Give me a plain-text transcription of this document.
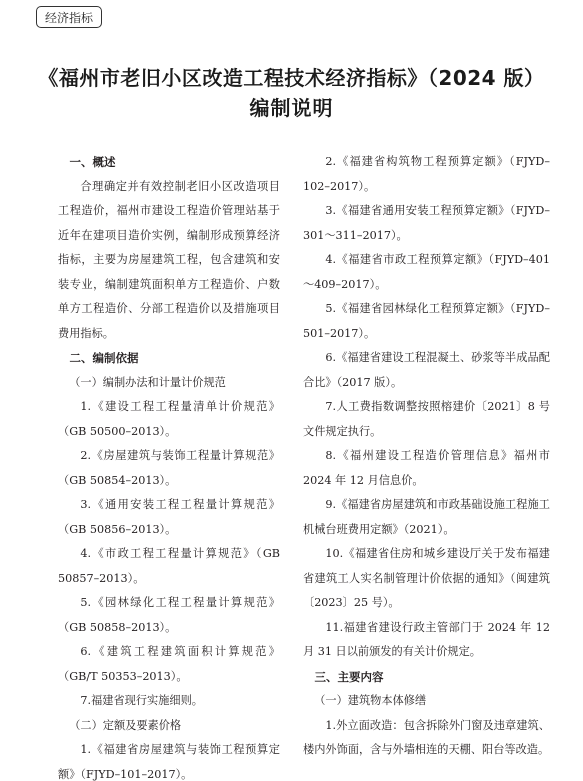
经济指标
《福州市老旧小区改造工程技术经济指标》（2024 版）
编制说明
一、概述
合理确定并有效控制老旧小区改造项目工程造价，福州市建设工程造价管理站基于近年在建项目造价实例，编制形成预算经济指标，主要为房屋建筑工程，包含建筑和安装专业，编制建筑面积单方工程造价、户数单方工程造价、分部工程造价以及措施项目费用指标。
二、编制依据
（一）编制办法和计量计价规范
1.《建设工程工程量清单计价规范》（GB 50500–2013）。
2.《房屋建筑与装饰工程量计算规范》（GB 50854–2013）。
3.《通用安装工程工程量计算规范》（GB 50856–2013）。
4.《市政工程工程量计算规范》（GB 50857–2013）。
5.《园林绿化工程工程量计算规范》（GB 50858–2013）。
6.《建筑工程建筑面积计算规范》（GB/T 50353–2013）。
7.福建省现行实施细则。
（二）定额及要素价格
1.《福建省房屋建筑与装饰工程预算定额》（FJYD–101–2017）。
2.《福建省构筑物工程预算定额》（FJYD–102–2017）。
3.《福建省通用安装工程预算定额》（FJYD–301～311–2017）。
4.《福建省市政工程预算定额》（FJYD–401～409–2017）。
5.《福建省园林绿化工程预算定额》（FJYD–501–2017）。
6.《福建省建设工程混凝土、砂浆等半成品配合比》（2017 版）。
7.人工费指数调整按照榕建价〔2021〕8 号文件规定执行。
8.《福州建设工程造价管理信息》福州市 2024 年 12 月信息价。
9.《福建省房屋建筑和市政基础设施工程施工机械台班费用定额》（2021）。
10.《福建省住房和城乡建设厅关于发布福建省建筑工人实名制管理计价依据的通知》（闽建筑〔2023〕25 号）。
11.福建省建设行政主管部门于 2024 年 12 月 31 日以前颁发的有关计价规定。
三、主要内容
（一）建筑物本体修缮
1.外立面改造：包含拆除外门窗及违章建筑、楼内外饰面，含与外墙相连的天棚、阳台等改造。
